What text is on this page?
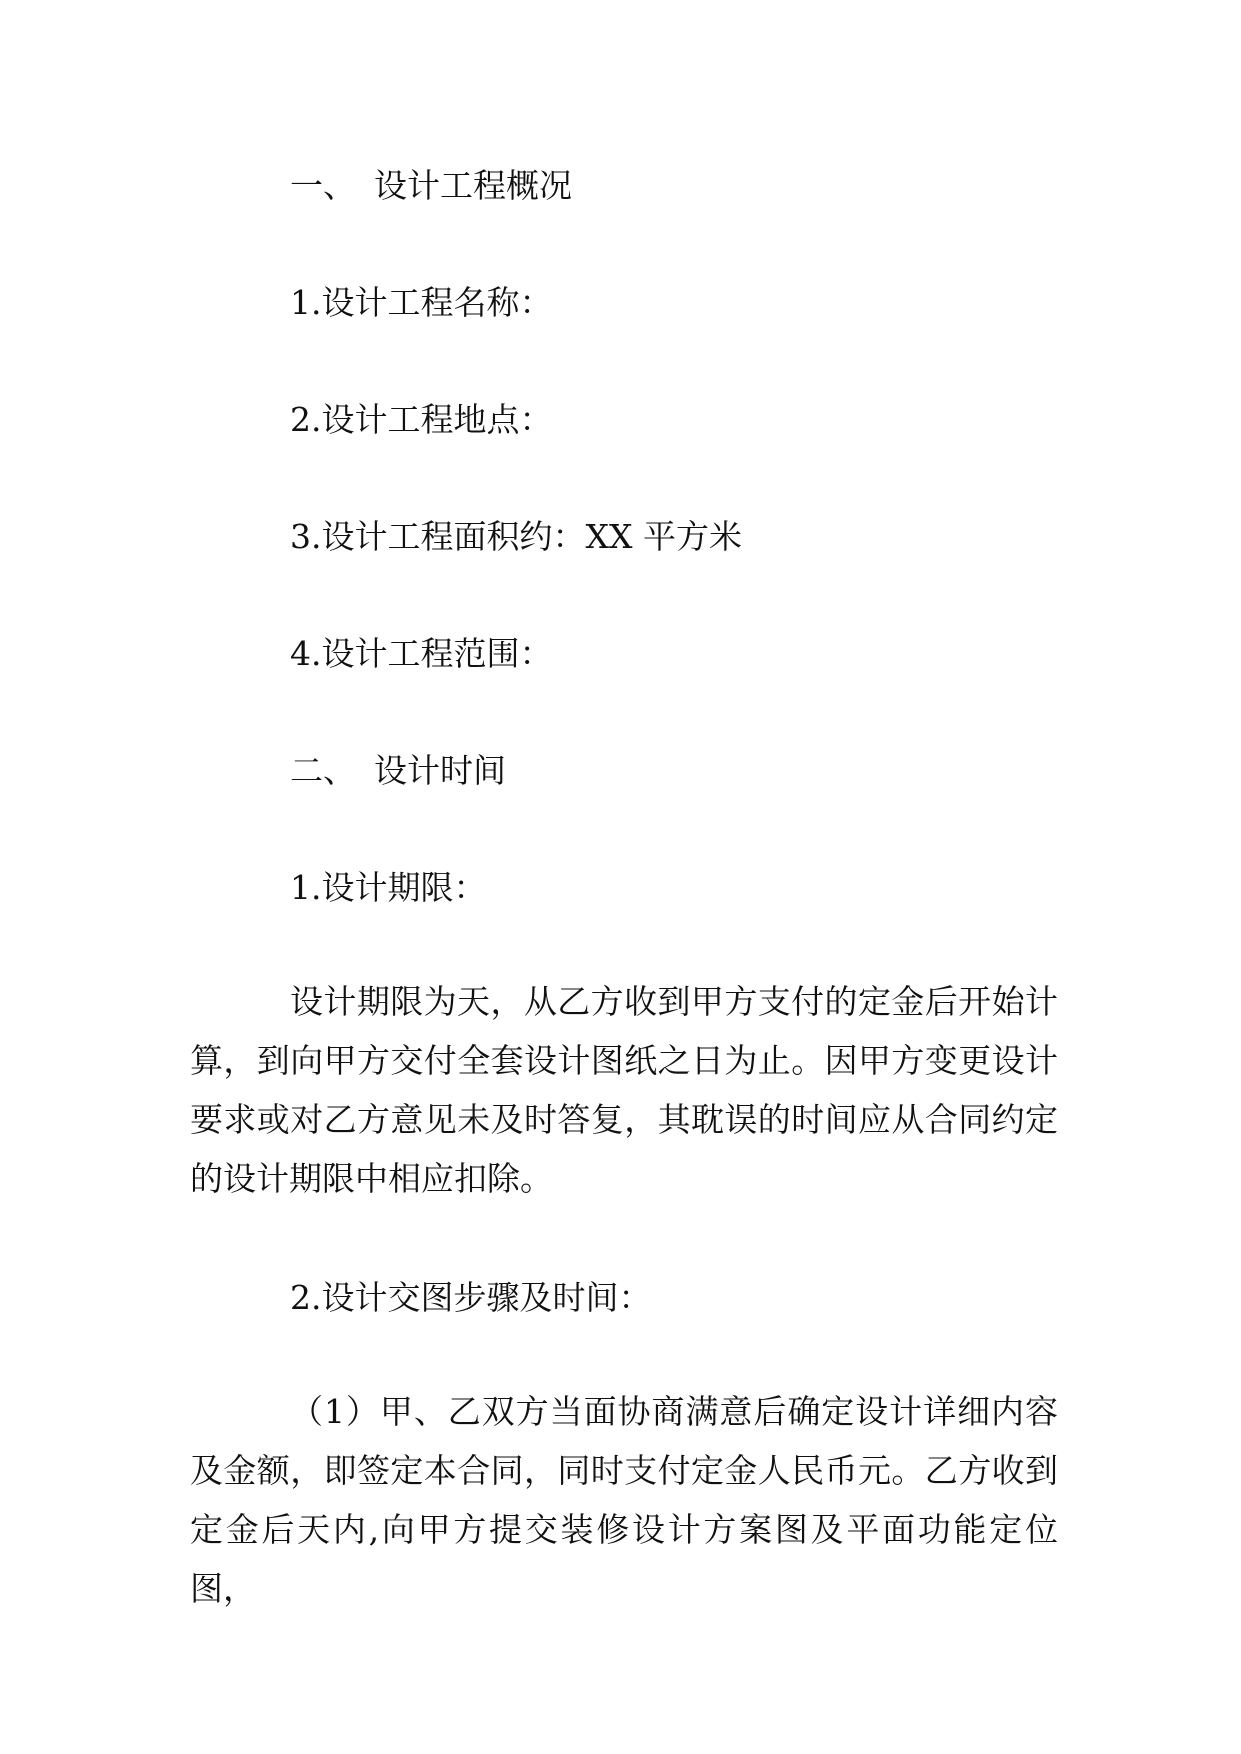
一、 设计工程概况
1.设计工程名称：
2.设计工程地点：
3.设计工程面积约：XX 平方米
4.设计工程范围：
二、 设计时间
1.设计期限：
设计期限为天，从乙方收到甲方支付的定金后开始计算，到向甲方交付全套设计图纸之日为止。因甲方变更设计要求或对乙方意见未及时答复，其耽误的时间应从合同约定的设计期限中相应扣除。
2.设计交图步骤及时间：
（1）甲、乙双方当面协商满意后确定设计详细内容及金额，即签定本合同，同时支付定金人民币元。乙方收到定金后天内,向甲方提交装修设计方案图及平面功能定位图，
